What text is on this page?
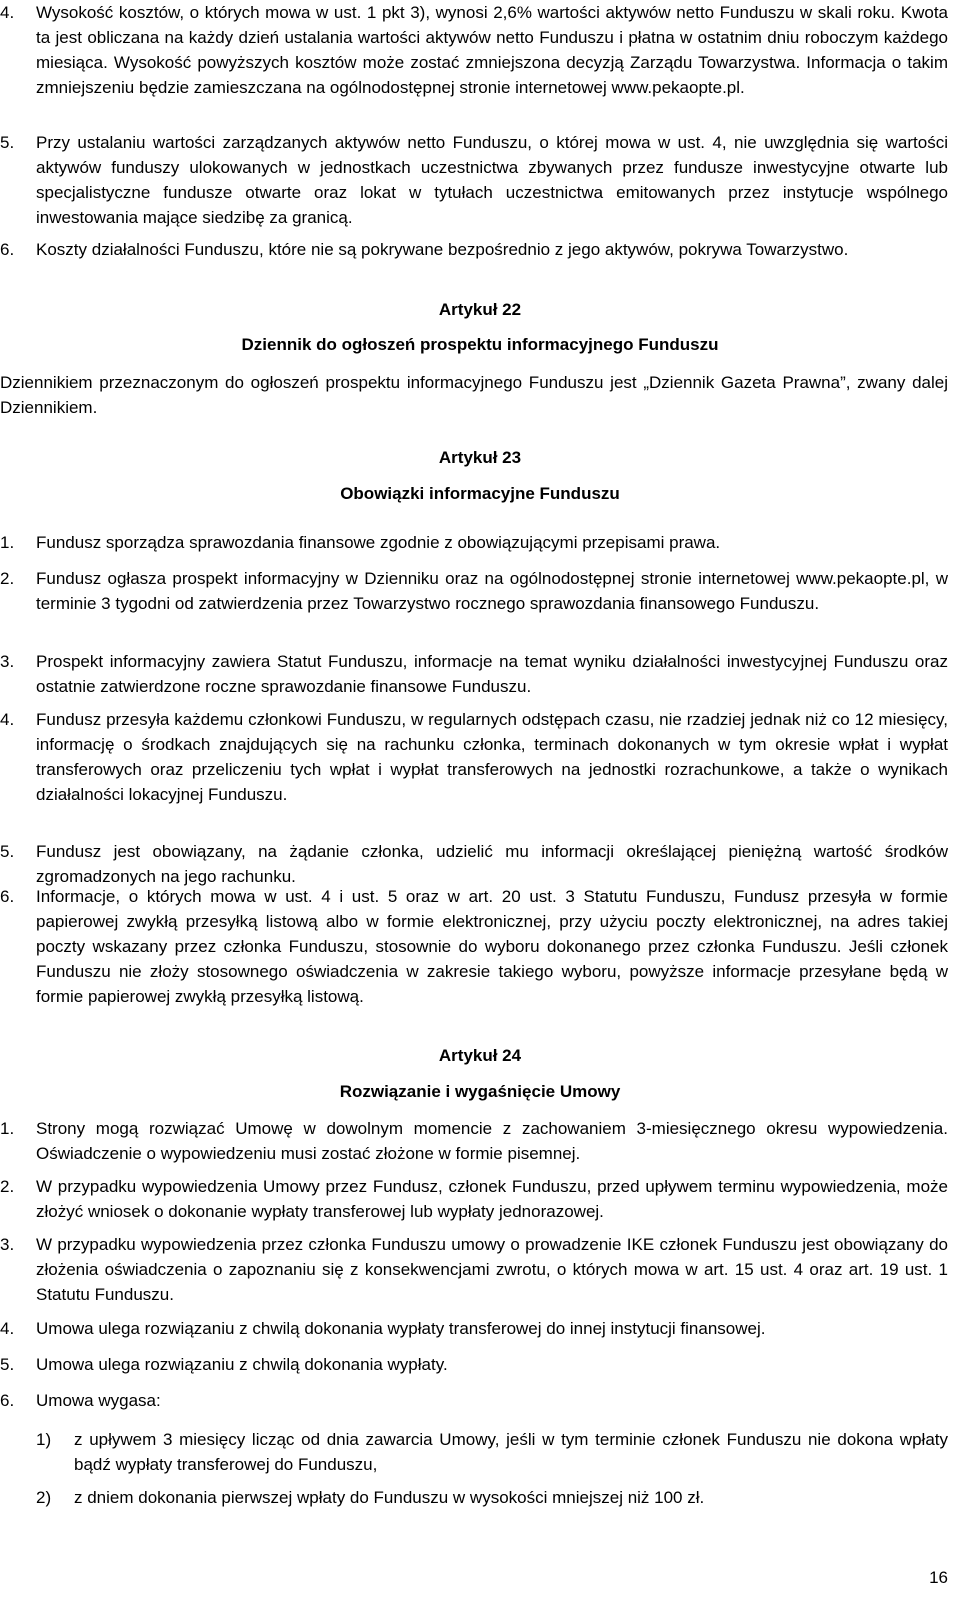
4.	Wysokość kosztów, o których mowa w ust. 1 pkt 3), wynosi 2,6% wartości aktywów netto Funduszu w skali roku. Kwota ta jest obliczana na każdy dzień ustalania wartości aktywów netto Funduszu i płatna w ostatnim dniu roboczym każdego miesiąca. Wysokość powyższych kosztów może zostać zmniejszona decyzją Zarządu Towarzystwa. Informacja o takim zmniejszeniu będzie zamieszczana na ogólnodostępnej stronie internetowej www.pekaopte.pl.
5.	Przy ustalaniu wartości zarządzanych aktywów netto Funduszu, o której mowa w ust. 4, nie uwzględnia się wartości aktywów funduszy ulokowanych w jednostkach uczestnictwa zbywanych przez fundusze inwestycyjne otwarte lub specjalistyczne fundusze otwarte oraz lokat w tytułach uczestnictwa emitowanych przez instytucje wspólnego inwestowania mające siedzibę za granicą.
6.	Koszty działalności Funduszu, które nie są pokrywane bezpośrednio z jego aktywów, pokrywa Towarzystwo.
Artykuł 22
Dziennik do ogłoszeń prospektu informacyjnego Funduszu
Dziennikiem przeznaczonym do ogłoszeń prospektu informacyjnego Funduszu jest „Dziennik Gazeta Prawna”, zwany dalej Dziennikiem.
Artykuł 23
Obowiązki informacyjne Funduszu
1.	Fundusz sporządza sprawozdania finansowe zgodnie z obowiązującymi przepisami prawa.
2.	Fundusz ogłasza prospekt informacyjny w Dzienniku oraz na ogólnodostępnej stronie internetowej www.pekaopte.pl, w terminie 3 tygodni od zatwierdzenia przez Towarzystwo rocznego sprawozdania finansowego Funduszu.
3.	Prospekt informacyjny zawiera Statut Funduszu, informacje na temat wyniku działalności inwestycyjnej Funduszu oraz ostatnie zatwierdzone roczne sprawozdanie finansowe Funduszu.
4.	Fundusz przesyła każdemu członkowi Funduszu, w regularnych odstępach czasu, nie rzadziej jednak niż co 12 miesięcy, informację o środkach znajdujących się na rachunku członka, terminach dokonanych w tym okresie wpłat i wypłat transferowych oraz przeliczeniu tych wpłat i wypłat transferowych na jednostki rozrachunkowe, a także o wynikach działalności lokacyjnej Funduszu.
5.	Fundusz jest obowiązany, na żądanie członka, udzielić mu informacji określającej pieniężną wartość środków zgromadzonych na jego rachunku.
6.	Informacje, o których mowa w ust. 4 i ust. 5 oraz w art. 20 ust. 3 Statutu Funduszu, Fundusz przesyła w formie papierowej zwykłą przesyłką listową albo w formie elektronicznej, przy użyciu poczty elektronicznej, na adres takiej poczty wskazany przez członka Funduszu, stosownie do wyboru dokonanego przez członka Funduszu. Jeśli członek Funduszu nie złoży stosownego oświadczenia w zakresie takiego wyboru, powyższe informacje przesyłane będą w formie papierowej zwykłą przesyłką listową.
Artykuł 24
Rozwiązanie i wygaśnięcie Umowy
1.	Strony mogą rozwiązać Umowę w dowolnym momencie z zachowaniem 3-miesięcznego okresu wypowiedzenia. Oświadczenie o wypowiedzeniu musi zostać złożone w formie pisemnej.
2.	W przypadku wypowiedzenia Umowy przez Fundusz, członek Funduszu, przed upływem terminu wypowiedzenia, może złożyć wniosek o dokonanie wypłaty transferowej lub wypłaty jednorazowej.
3.	W przypadku wypowiedzenia przez członka Funduszu umowy o prowadzenie IKE członek Funduszu jest obowiązany do złożenia oświadczenia o zapoznaniu się z konsekwencjami zwrotu, o których mowa w art. 15 ust. 4 oraz art. 19 ust. 1 Statutu Funduszu.
4.	Umowa ulega rozwiązaniu z chwilą dokonania wypłaty transferowej do innej instytucji finansowej.
5.	Umowa ulega rozwiązaniu z chwilą dokonania wypłaty.
6.	Umowa wygasa:
1)	z upływem 3 miesięcy licząc od dnia zawarcia Umowy, jeśli w tym terminie członek Funduszu nie dokona wpłaty bądź wypłaty transferowej do Funduszu,
2)	z dniem dokonania pierwszej wpłaty do Funduszu w wysokości mniejszej niż 100 zł.
16
